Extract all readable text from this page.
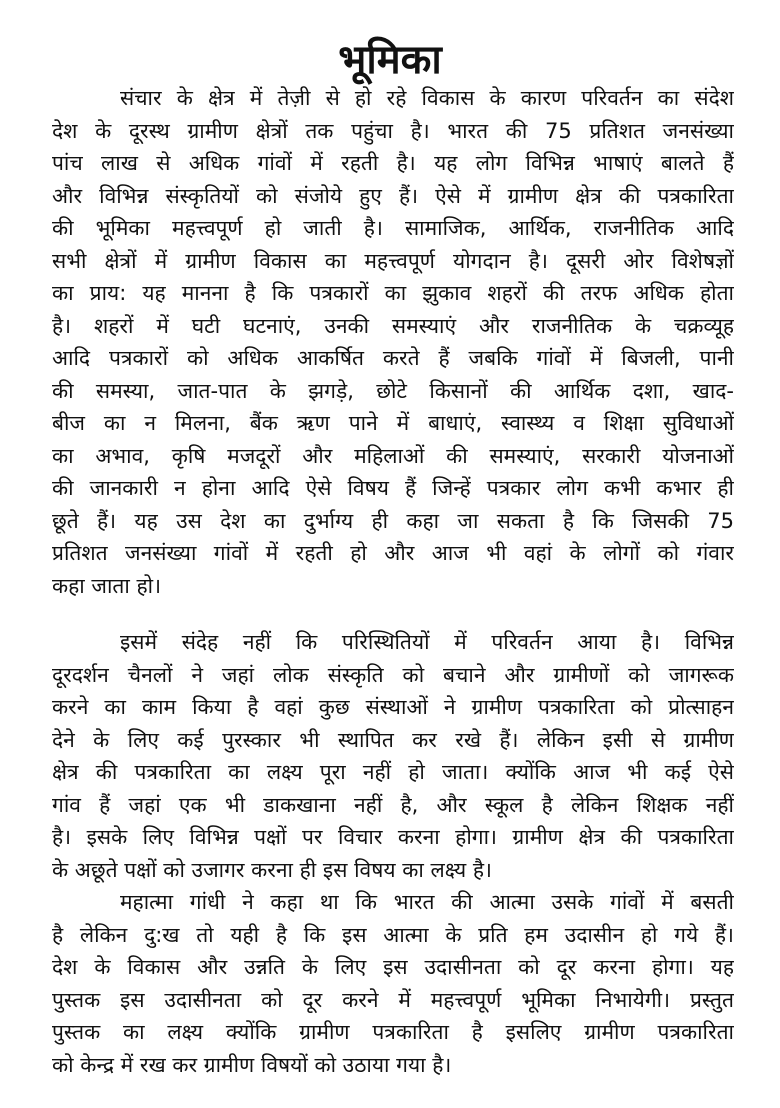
भूमिका
संचार के क्षेत्र में तेज़ी से हो रहे विकास के कारण परिवर्तन का संदेश
देश के दूरस्थ ग्रामीण क्षेत्रों तक पहुंचा है। भारत की 75 प्रतिशत जनसंख्या
पांच लाख से अधिक गांवों में रहती है। यह लोग विभिन्न भाषाएं बालते हैं
और विभिन्न संस्कृतियों को संजोये हुए हैं। ऐसे में ग्रामीण क्षेत्र की पत्रकारिता
की भूमिका महत्त्वपूर्ण हो जाती है। सामाजिक, आर्थिक, राजनीतिक आदि
सभी क्षेत्रों में ग्रामीण विकास का महत्त्वपूर्ण योगदान है। दूसरी ओर विशेषज्ञों
का प्राय: यह मानना है कि पत्रकारों का झुकाव शहरों की तरफ अधिक होता
है। शहरों में घटी घटनाएं, उनकी समस्याएं और राजनीतिक के चक्रव्यूह
आदि पत्रकारों को अधिक आकर्षित करते हैं जबकि गांवों में बिजली, पानी
की समस्या, जात-पात के झगड़े, छोटे किसानों की आर्थिक दशा, खाद-
बीज का न मिलना, बैंक ऋण पाने में बाधाएं, स्वास्थ्य व शिक्षा सुविधाओं
का अभाव, कृषि मजदूरों और महिलाओं की समस्याएं, सरकारी योजनाओं
की जानकारी न होना आदि ऐसे विषय हैं जिन्हें पत्रकार लोग कभी कभार ही
छूते हैं। यह उस देश का दुर्भाग्य ही कहा जा सकता है कि जिसकी 75
प्रतिशत जनसंख्या गांवों में रहती हो और आज भी वहां के लोगों को गंवार
कहा जाता हो।
इसमें संदेह नहीं कि परिस्थितियों में परिवर्तन आया है। विभिन्न
दूरदर्शन चैनलों ने जहां लोक संस्कृति को बचाने और ग्रामीणों को जागरूक
करने का काम किया है वहां कुछ संस्थाओं ने ग्रामीण पत्रकारिता को प्रोत्साहन
देने के लिए कई पुरस्कार भी स्थापित कर रखे हैं। लेकिन इसी से ग्रामीण
क्षेत्र की पत्रकारिता का लक्ष्य पूरा नहीं हो जाता। क्योंकि आज भी कई ऐसे
गांव हैं जहां एक भी डाकखाना नहीं है, और स्कूल है लेकिन शिक्षक नहीं
है। इसके लिए विभिन्न पक्षों पर विचार करना होगा। ग्रामीण क्षेत्र की पत्रकारिता
के अछूते पक्षों को उजागर करना ही इस विषय का लक्ष्य है।
महात्मा गांधी ने कहा था कि भारत की आत्मा उसके गांवों में बसती
है लेकिन दु:ख तो यही है कि इस आत्मा के प्रति हम उदासीन हो गये हैं।
देश के विकास और उन्नति के लिए इस उदासीनता को दूर करना होगा। यह
पुस्तक इस उदासीनता को दूर करने में महत्त्वपूर्ण भूमिका निभायेगी। प्रस्तुत
पुस्तक का लक्ष्य क्योंकि ग्रामीण पत्रकारिता है इसलिए ग्रामीण पत्रकारिता
को केन्द्र में रख कर ग्रामीण विषयों को उठाया गया है।
